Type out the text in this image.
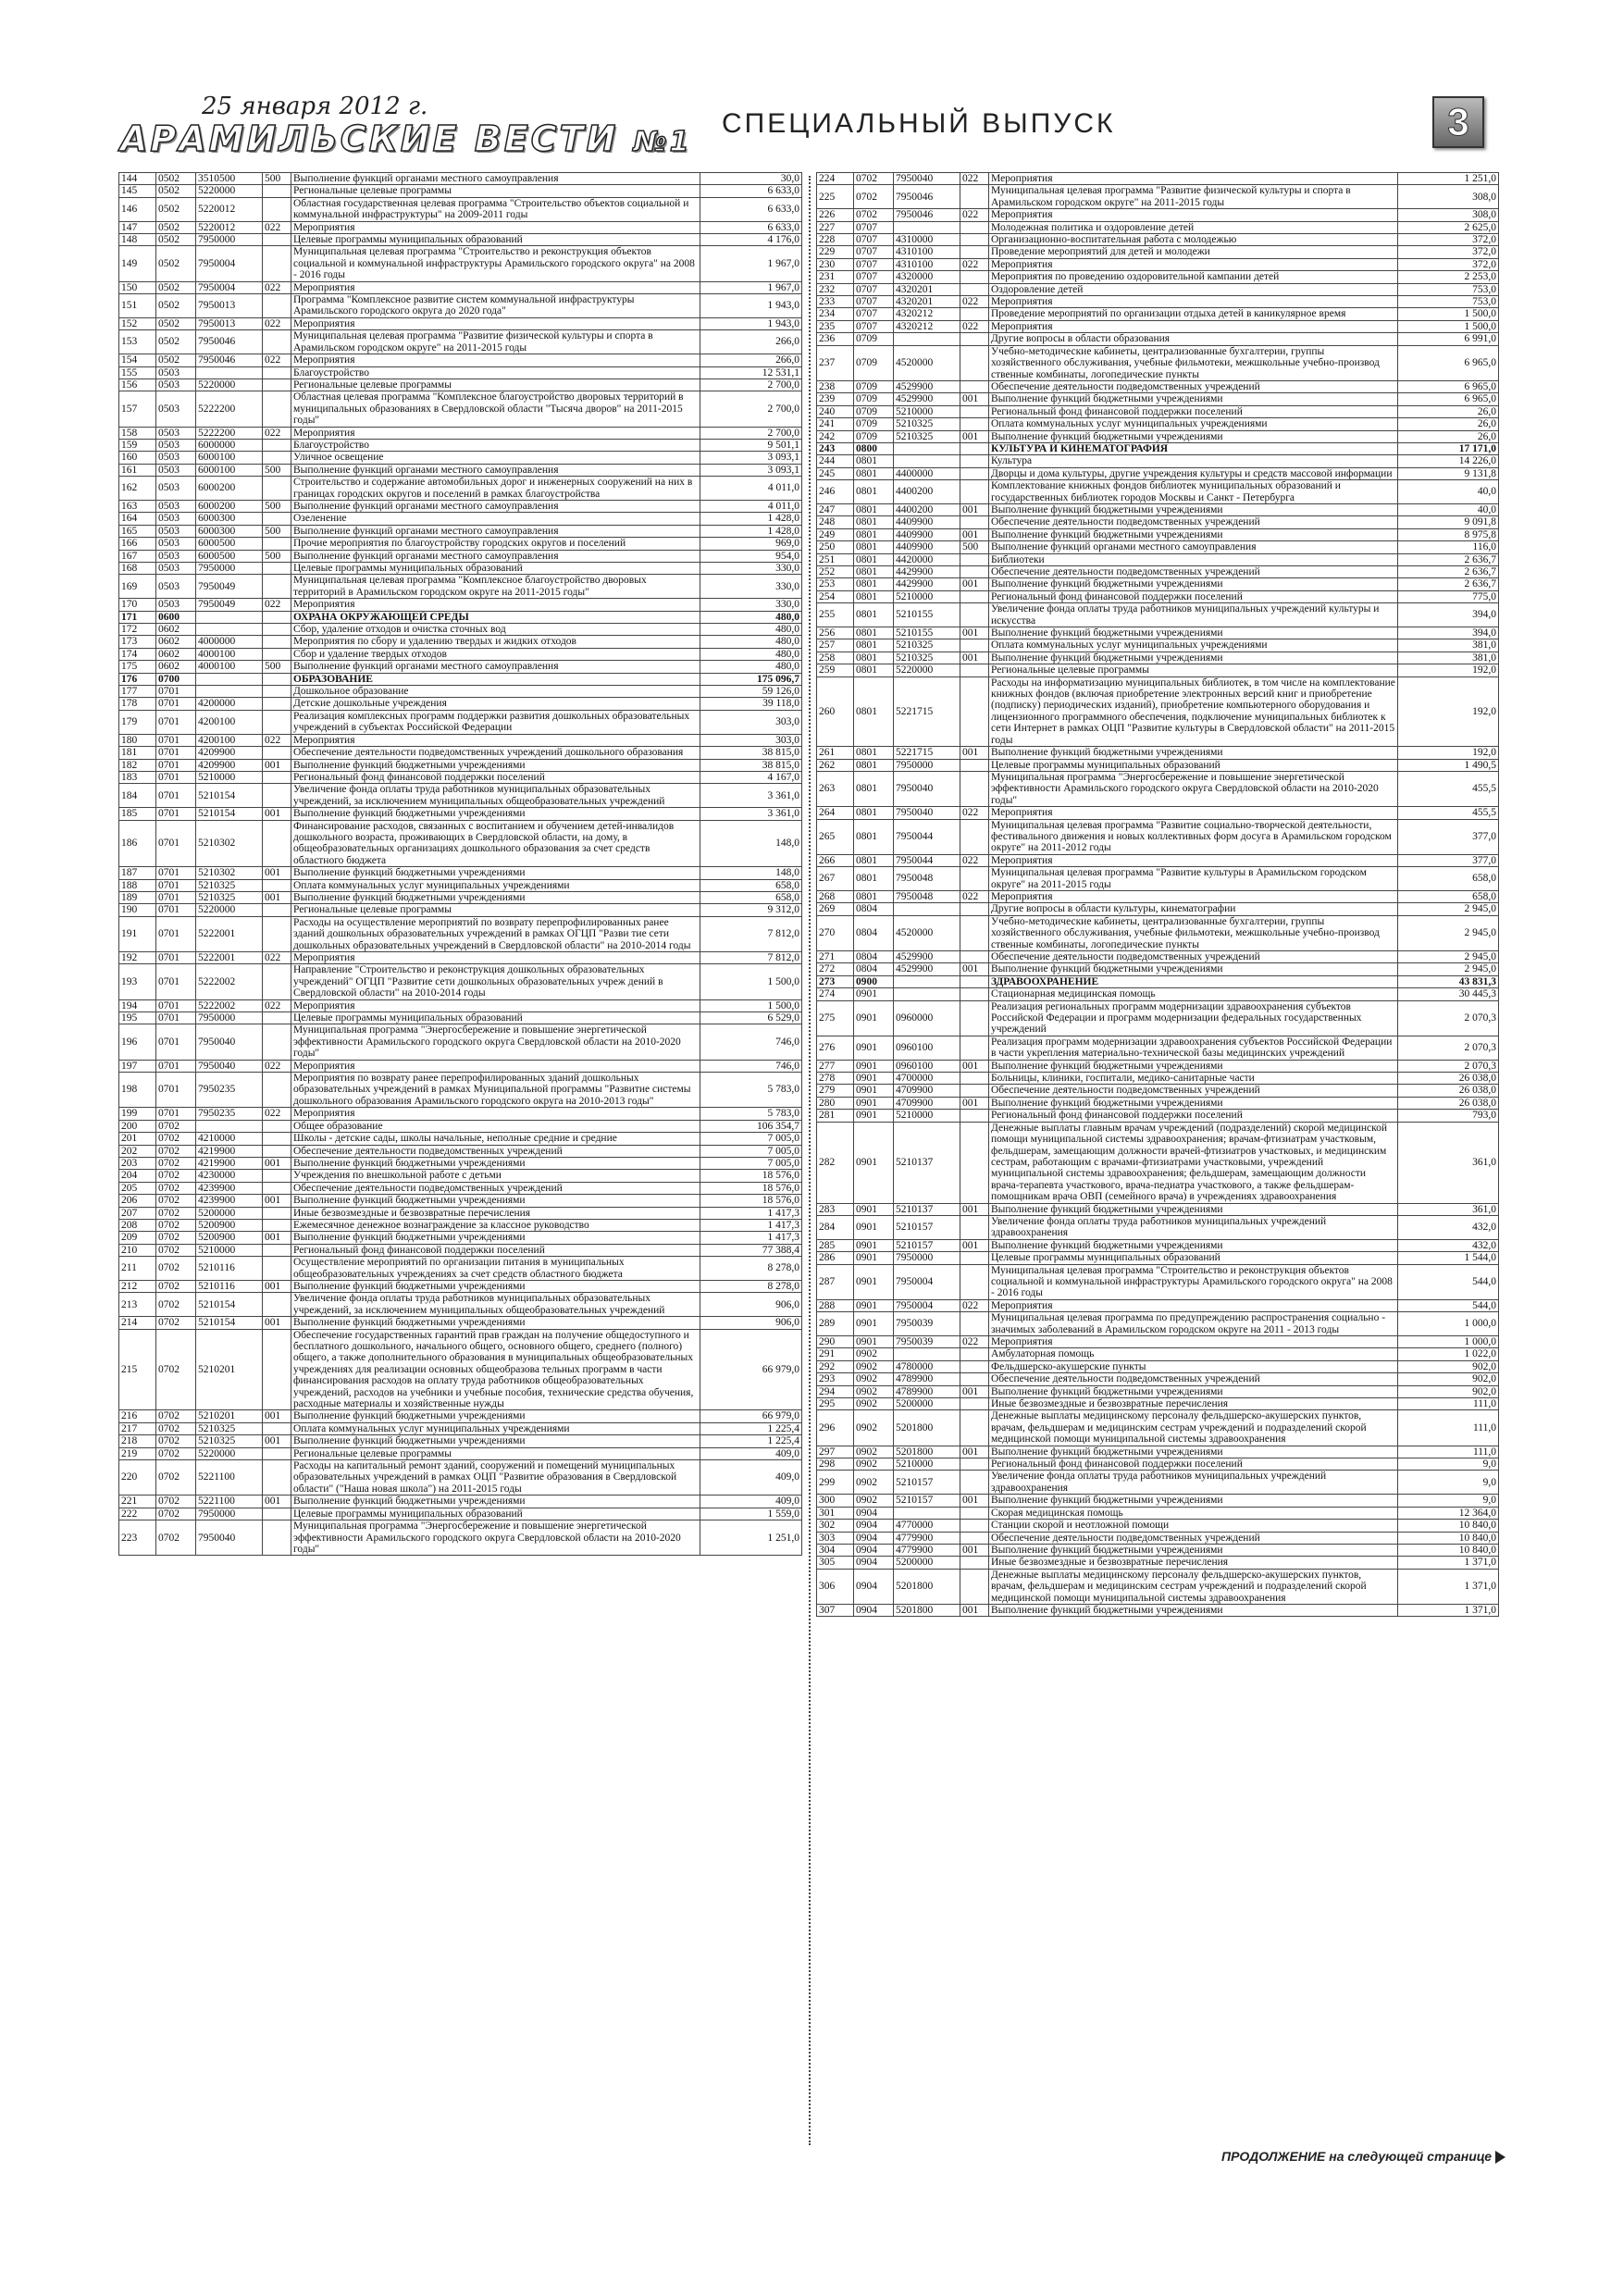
25 января 2012 г.
АРАМИЛЬСКИЕ ВЕСТИ №1
СПЕЦИАЛЬНЫЙ ВЫПУСК	3
144	0502	3510500	500	Выполнение функций органами местного самоуправления	30,0
145	0502	5220000		Региональные целевые программы	6 633,0
146	0502	5220012		Областная государственная целевая программа "Строительство объектов социальной и коммунальной инфраструктуры" на 2009-2011 годы	6 633,0
147	0502	5220012	022	Мероприятия	6 633,0
148	0502	7950000		Целевые программы муниципальных образований	4 176,0
149	0502	7950004		Муниципальная целевая программа "Строительство и реконструкция объектов социальной и коммунальной инфраструктуры Арамильского городского округа" на 2008 - 2016 годы	1 967,0
150	0502	7950004	022	Мероприятия	1 967,0
151	0502	7950013		Программа "Комплексное развитие систем коммунальной инфраструктуры Арамильского городского округа до 2020 года"	1 943,0
152	0502	7950013	022	Мероприятия	1 943,0
153	0502	7950046		Муниципальная целевая программа "Развитие физической культуры и спорта в Арамильском городском округе" на 2011-2015 годы	266,0
154	0502	7950046	022	Мероприятия	266,0
155	0503			Благоустройство	12 531,1
156	0503	5220000		Региональные целевые программы	2 700,0
157	0503	5222200		Областная целевая программа "Комплексное благоустройство дворовых территорий в муниципальных образованиях в Свердловской области "Тысяча дворов" на 2011-2015 годы"	2 700,0
158	0503	5222200	022	Мероприятия	2 700,0
159	0503	6000000		Благоустройство	9 501,1
160	0503	6000100		Уличное освещение	3 093,1
161	0503	6000100	500	Выполнение функций органами местного самоуправления	3 093,1
162	0503	6000200		Строительство и содержание автомобильных дорог и инженерных сооружений на них в границах городских округов и поселений в рамках благоустройства	4 011,0
163	0503	6000200	500	Выполнение функций органами местного самоуправления	4 011,0
164	0503	6000300		Озеленение	1 428,0
165	0503	6000300	500	Выполнение функций органами местного самоуправления	1 428,0
166	0503	6000500		Прочие мероприятия по благоустройству городских округов и поселений	969,0
167	0503	6000500	500	Выполнение функций органами местного самоуправления	954,0
168	0503	7950000		Целевые программы муниципальных образований	330,0
169	0503	7950049		Муниципальная целевая программа "Комплексное благоустройство дворовых территорий в Арамильском городском округе на 2011-2015 годы"	330,0
170	0503	7950049	022	Мероприятия	330,0
171	0600			ОХРАНА ОКРУЖАЮЩЕЙ СРЕДЫ	480,0
172	0602			Сбор, удаление отходов и очистка сточных вод	480,0
173	0602	4000000		Мероприятия по сбору и удалению твердых и жидких отходов	480,0
174	0602	4000100		Сбор и удаление твердых отходов	480,0
175	0602	4000100	500	Выполнение функций органами местного самоуправления	480,0
176	0700			ОБРАЗОВАНИЕ	175 096,7
177	0701			Дошкольное образование	59 126,0
178	0701	4200000		Детские дошкольные учреждения	39 118,0
179	0701	4200100		Реализация комплексных программ поддержки развития дошкольных образовательных учреждений в субъектах Российской Федерации	303,0
180	0701	4200100	022	Мероприятия	303,0
181	0701	4209900		Обеспечение деятельности подведомственных учреждений дошкольного образования	38 815,0
182	0701	4209900	001	Выполнение функций бюджетными учреждениями	38 815,0
183	0701	5210000		Региональный фонд финансовой поддержки поселений	4 167,0
184	0701	5210154		Увеличение фонда оплаты труда работников муниципальных образовательных учреждений, за исключением муниципальных общеобразовательных учреждений	3 361,0
185	0701	5210154	001	Выполнение функций бюджетными учреждениями	3 361,0
186	0701	5210302		Финансирование расходов, связанных с воспитанием и обучением детей-инвалидов дошкольного возраста, проживающих в Свердловской области, на дому, в общеобразовательных организациях дошкольного образования за счет средств областного бюджета	148,0
187	0701	5210302	001	Выполнение функций бюджетными учреждениями	148,0
188	0701	5210325		Оплата коммунальных услуг муниципальных учреждениями	658,0
189	0701	5210325	001	Выполнение функций бюджетными учреждениями	658,0
190	0701	5220000		Региональные целевые программы	9 312,0
191	0701	5222001		Расходы на осуществление мероприятий по возврату перепрофилированных ранее зданий дошкольных образовательных учреждений в рамках ОГЦП "Разви тие сети дошкольных образовательных учреждений в Свердловской области" на 2010-2014 годы	7 812,0
192	0701	5222001	022	Мероприятия	7 812,0
193	0701	5222002		Направление "Строительство и реконструкция дошкольных образовательных учреждений" ОГЦП "Развитие сети дошкольных образовательных учреж дений в Свердловской области" на 2010-2014 годы	1 500,0
194	0701	5222002	022	Мероприятия	1 500,0
195	0701	7950000		Целевые программы муниципальных образований	6 529,0
196	0701	7950040		Муниципальная программа "Энергосбережение и повышение энергетической эффективности Арамильского городского округа Свердловской области на 2010-2020 годы"	746,0
197	0701	7950040	022	Мероприятия	746,0
198	0701	7950235		Мероприятия по возврату ранее перепрофилированных зданий дошкольных образовательных учреждений в рамках Муниципальной программы "Развитие системы дошкольного образования Арамильского городского округа на 2010-2013 годы"	5 783,0
199	0701	7950235	022	Мероприятия	5 783,0
200	0702			Общее образование	106 354,7
201	0702	4210000		Школы - детские сады, школы начальные, неполные средние и средние	7 005,0
202	0702	4219900		Обеспечение деятельности подведомственных учреждений	7 005,0
203	0702	4219900	001	Выполнение функций бюджетными учреждениями	7 005,0
204	0702	4230000		Учреждения по внешкольной работе с детьми	18 576,0
205	0702	4239900		Обеспечение деятельности подведомственных учреждений	18 576,0
206	0702	4239900	001	Выполнение функций бюджетными учреждениями	18 576,0
207	0702	5200000		Иные безвозмездные и безвозвратные перечисления	1 417,3
208	0702	5200900		Ежемесячное денежное вознаграждение за классное руководство	1 417,3
209	0702	5200900	001	Выполнение функций бюджетными учреждениями	1 417,3
210	0702	5210000		Региональный фонд финансовой поддержки поселений	77 388,4
211	0702	5210116		Осуществление мероприятий по организации питания в муниципальных общеобразовательных учреждениях за счет средств областного бюджета	8 278,0
212	0702	5210116	001	Выполнение функций бюджетными учреждениями	8 278,0
213	0702	5210154		Увеличение фонда оплаты труда работников муниципальных образовательных учреждений, за исключением муниципальных общеобразовательных учреждений	906,0
214	0702	5210154	001	Выполнение функций бюджетными учреждениями	906,0
215	0702	5210201		Обеспечение государственных гарантий прав граждан на получение общедоступного и бесплатного дошкольного, начального общего, основного общего, среднего (полного) общего, а также дополнительного образования в муниципальных общеобразовательных учреждениях для реализации основных общеобразова тельных программ в части финансирования расходов на оплату труда работников общеобразовательных учреждений, расходов на учебники и учебные пособия, технические средства обучения, расходные материалы и хозяйственные нужды	66 979,0
216	0702	5210201	001	Выполнение функций бюджетными учреждениями	66 979,0
217	0702	5210325		Оплата коммунальных услуг муниципальных учреждениями	1 225,4
218	0702	5210325	001	Выполнение функций бюджетными учреждениями	1 225,4
219	0702	5220000		Региональные целевые программы	409,0
220	0702	5221100		Расходы на капитальный ремонт зданий, сооружений и помещений муниципальных образовательных учреждений в рамках ОЦП "Развитие образования в Свердловской области" ("Наша новая школа") на 2011-2015 годы	409,0
221	0702	5221100	001	Выполнение функций бюджетными учреждениями	409,0
222	0702	7950000		Целевые программы муниципальных образований	1 559,0
223	0702	7950040		Муниципальная программа "Энергосбережение и повышение энергетической эффективности Арамильского городского округа Свердловской области на 2010-2020 годы"	1 251,0
224	0702	7950040	022	Мероприятия	1 251,0
225	0702	7950046		Муниципальная целевая программа "Развитие физической культуры и спорта в Арамильском городском округе" на 2011-2015 годы	308,0
226	0702	7950046	022	Мероприятия	308,0
227	0707			Молодежная политика и оздоровление детей	2 625,0
228	0707	4310000		Организационно-воспитательная работа с молодежью	372,0
229	0707	4310100		Проведение мероприятий для детей и молодежи	372,0
230	0707	4310100	022	Мероприятия	372,0
231	0707	4320000		Мероприятия по проведению оздоровительной кампании детей	2 253,0
232	0707	4320201		Оздоровление детей	753,0
233	0707	4320201	022	Мероприятия	753,0
234	0707	4320212		Проведение мероприятий по организации отдыха детей в каникулярное время	1 500,0
235	0707	4320212	022	Мероприятия	1 500,0
236	0709			Другие вопросы в области образования	6 991,0
237	0709	4520000		Учебно-методические кабинеты, централизованные бухгалтерии, группы хозяйственного обслуживания, учебные фильмотеки, межшкольные учебно-производ ственные комбинаты, логопедические пункты	6 965,0
238	0709	4529900		Обеспечение деятельности подведомственных учреждений	6 965,0
239	0709	4529900	001	Выполнение функций бюджетными учреждениями	6 965,0
240	0709	5210000		Региональный фонд финансовой поддержки поселений	26,0
241	0709	5210325		Оплата коммунальных услуг муниципальных учреждениями	26,0
242	0709	5210325	001	Выполнение функций бюджетными учреждениями	26,0
243	0800			КУЛЬТУРА И КИНЕМАТОГРАФИЯ	17 171,0
244	0801			Культура	14 226,0
245	0801	4400000		Дворцы и дома культуры, другие учреждения культуры и средств массовой информации	9 131,8
246	0801	4400200		Комплектование книжных фондов библиотек муниципальных образований и государственных библиотек городов Москвы и Санкт - Петербурга	40,0
247	0801	4400200	001	Выполнение функций бюджетными учреждениями	40,0
248	0801	4409900		Обеспечение деятельности подведомственных учреждений	9 091,8
249	0801	4409900	001	Выполнение функций бюджетными учреждениями	8 975,8
250	0801	4409900	500	Выполнение функций органами местного самоуправления	116,0
251	0801	4420000		Библиотеки	2 636,7
252	0801	4429900		Обеспечение деятельности подведомственных учреждений	2 636,7
253	0801	4429900	001	Выполнение функций бюджетными учреждениями	2 636,7
254	0801	5210000		Региональный фонд финансовой поддержки поселений	775,0
255	0801	5210155		Увеличение фонда оплаты труда работников муниципальных учреждений культуры и искусства	394,0
256	0801	5210155	001	Выполнение функций бюджетными учреждениями	394,0
257	0801	5210325		Оплата коммунальных услуг муниципальных учреждениями	381,0
258	0801	5210325	001	Выполнение функций бюджетными учреждениями	381,0
259	0801	5220000		Региональные целевые программы	192,0
260	0801	5221715		Расходы на информатизацию муниципальных библиотек, в том числе на комплектование книжных фондов (включая приобретение электронных версий книг и приобретение (подписку) периодических изданий), приобретение компьютерного оборудования и лицензионного программного обеспечения, подключение муниципальных библиотек к сети Интернет в рамках ОЦП "Развитие культуры в Свердловской области" на 2011-2015 годы	192,0
261	0801	5221715	001	Выполнение функций бюджетными учреждениями	192,0
262	0801	7950000		Целевые программы муниципальных образований	1 490,5
263	0801	7950040		Муниципальная программа "Энергосбережение и повышение энергетической эффективности Арамильского городского округа Свердловской области на 2010-2020 годы"	455,5
264	0801	7950040	022	Мероприятия	455,5
265	0801	7950044		Муниципальная целевая программа "Развитие социально-творческой деятельности, фестивального движения и новых коллективных форм досуга в Арамильском городском округе" на 2011-2012 годы	377,0
266	0801	7950044	022	Мероприятия	377,0
267	0801	7950048		Муниципальная целевая программа "Развитие культуры в Арамильском городском округе" на 2011-2015 годы	658,0
268	0801	7950048	022	Мероприятия	658,0
269	0804			Другие вопросы в области культуры, кинематографии	2 945,0
270	0804	4520000		Учебно-методические кабинеты, централизованные бухгалтерии, группы хозяйственного обслуживания, учебные фильмотеки, межшкольные учебно-производ ственные комбинаты, логопедические пункты	2 945,0
271	0804	4529900		Обеспечение деятельности подведомственных учреждений	2 945,0
272	0804	4529900	001	Выполнение функций бюджетными учреждениями	2 945,0
273	0900			ЗДРАВООХРАНЕНИЕ	43 831,3
274	0901			Стационарная медицинская помощь	30 445,3
275	0901	0960000		Реализация региональных программ модернизации здравоохранения субъектов Российской Федерации и программ модернизации федеральных государственных учреждений	2 070,3
276	0901	0960100		Реализация программ модернизации здравоохранения субъектов Российской Федерации в части укрепления материально-технической базы медицинских учреждений	2 070,3
277	0901	0960100	001	Выполнение функций бюджетными учреждениями	2 070,3
278	0901	4700000		Больницы, клиники, госпитали, медико-санитарные части	26 038,0
279	0901	4709900		Обеспечение деятельности подведомственных учреждений	26 038,0
280	0901	4709900	001	Выполнение функций бюджетными учреждениями	26 038,0
281	0901	5210000		Региональный фонд финансовой поддержки поселений	793,0
282	0901	5210137		Денежные выплаты главным врачам учреждений (подразделений) скорой медицинской помощи муниципальной системы здравоохранения; врачам-фтизиатрам участковым, фельдшерам, замещающим должности врачей-фтизиатров участковых, и медицинским сестрам, работающим с врачами-фтизиатрами участковыми, учреждений муниципальной системы здравоохранения; фельдшерам, замещающим должности врача-терапевта участкового, врача-педиатра участкового, а также фельдшерам-помощникам врача ОВП (семейного врача) в учреждениях здравоохранения	361,0
283	0901	5210137	001	Выполнение функций бюджетными учреждениями	361,0
284	0901	5210157		Увеличение фонда оплаты труда работников муниципальных учреждений здравоохранения	432,0
285	0901	5210157	001	Выполнение функций бюджетными учреждениями	432,0
286	0901	7950000		Целевые программы муниципальных образований	1 544,0
287	0901	7950004		Муниципальная целевая программа "Строительство и реконструкция объектов социальной и коммунальной инфраструктуры Арамильского городского округа" на 2008 - 2016 годы	544,0
288	0901	7950004	022	Мероприятия	544,0
289	0901	7950039		Муниципальная целевая программа по предупреждению распространения социально - значимых заболеваний в Арамильском городском округе на 2011 - 2013 годы	1 000,0
290	0901	7950039	022	Мероприятия	1 000,0
291	0902			Амбулаторная помощь	1 022,0
292	0902	4780000		Фельдшерско-акушерские пункты	902,0
293	0902	4789900		Обеспечение деятельности подведомственных учреждений	902,0
294	0902	4789900	001	Выполнение функций бюджетными учреждениями	902,0
295	0902	5200000		Иные безвозмездные и безвозвратные перечисления	111,0
296	0902	5201800		Денежные выплаты медицинскому персоналу фельдшерско-акушерских пунктов, врачам, фельдшерам и медицинским сестрам учреждений и подразделений скорой медицинской помощи муниципальной системы здравоохранения	111,0
297	0902	5201800	001	Выполнение функций бюджетными учреждениями	111,0
298	0902	5210000		Региональный фонд финансовой поддержки поселений	9,0
299	0902	5210157		Увеличение фонда оплаты труда работников муниципальных учреждений здравоохранения	9,0
300	0902	5210157	001	Выполнение функций бюджетными учреждениями	9,0
301	0904			Скорая медицинская помощь	12 364,0
302	0904	4770000		Станции скорой и неотложной помощи	10 840,0
303	0904	4779900		Обеспечение деятельности подведомственных учреждений	10 840,0
304	0904	4779900	001	Выполнение функций бюджетными учреждениями	10 840,0
305	0904	5200000		Иные безвозмездные и безвозвратные перечисления	1 371,0
306	0904	5201800		Денежные выплаты медицинскому персоналу фельдшерско-акушерских пунктов, врачам, фельдшерам и медицинским сестрам учреждений и подразделений скорой медицинской помощи муниципальной системы здравоохранения	1 371,0
307	0904	5201800	001	Выполнение функций бюджетными учреждениями	1 371,0
ПРОДОЛЖЕНИЕ на следующей странице
